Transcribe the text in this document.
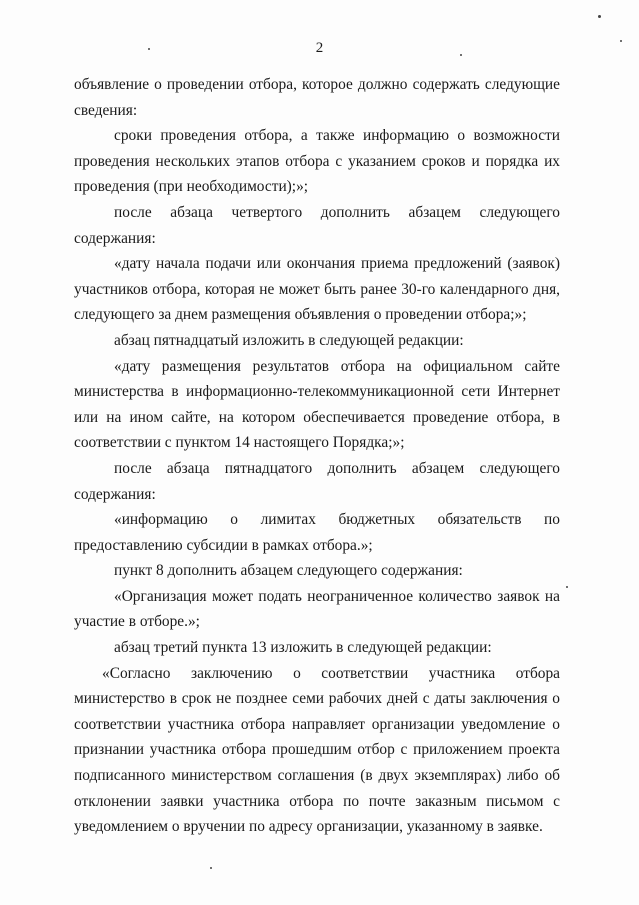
2

объявление о проведении отбора, которое должно содержать следующие сведения:

сроки проведения отбора, а также информацию о возможности проведения нескольких этапов отбора с указанием сроков и порядка их проведения (при необходимости);»;

после абзаца четвертого дополнить абзацем следующего содержания:

«дату начала подачи или окончания приема предложений (заявок) участников отбора, которая не может быть ранее 30-го календарного дня, следующего за днем размещения объявления о проведении отбора;»;

абзац пятнадцатый изложить в следующей редакции:

«дату размещения результатов отбора на официальном сайте министерства в информационно-телекоммуникационной сети Интернет или на ином сайте, на котором обеспечивается проведение отбора, в соответствии с пунктом 14 настоящего Порядка;»;

после абзаца пятнадцатого дополнить абзацем следующего содержания:

«информацию о лимитах бюджетных обязательств по предоставлению субсидии в рамках отбора.»;

пункт 8 дополнить абзацем следующего содержания:

«Организация может подать неограниченное количество заявок на участие в отборе.»;

абзац третий пункта 13 изложить в следующей редакции:

«Согласно заключению о соответствии участника отбора министерство в срок не позднее семи рабочих дней с даты заключения о соответствии участника отбора направляет организации уведомление о признании участника отбора прошедшим отбор с приложением проекта подписанного министерством соглашения (в двух экземплярах) либо об отклонении заявки участника отбора по почте заказным письмом с уведомлением о вручении по адресу организации, указанному в заявке.
